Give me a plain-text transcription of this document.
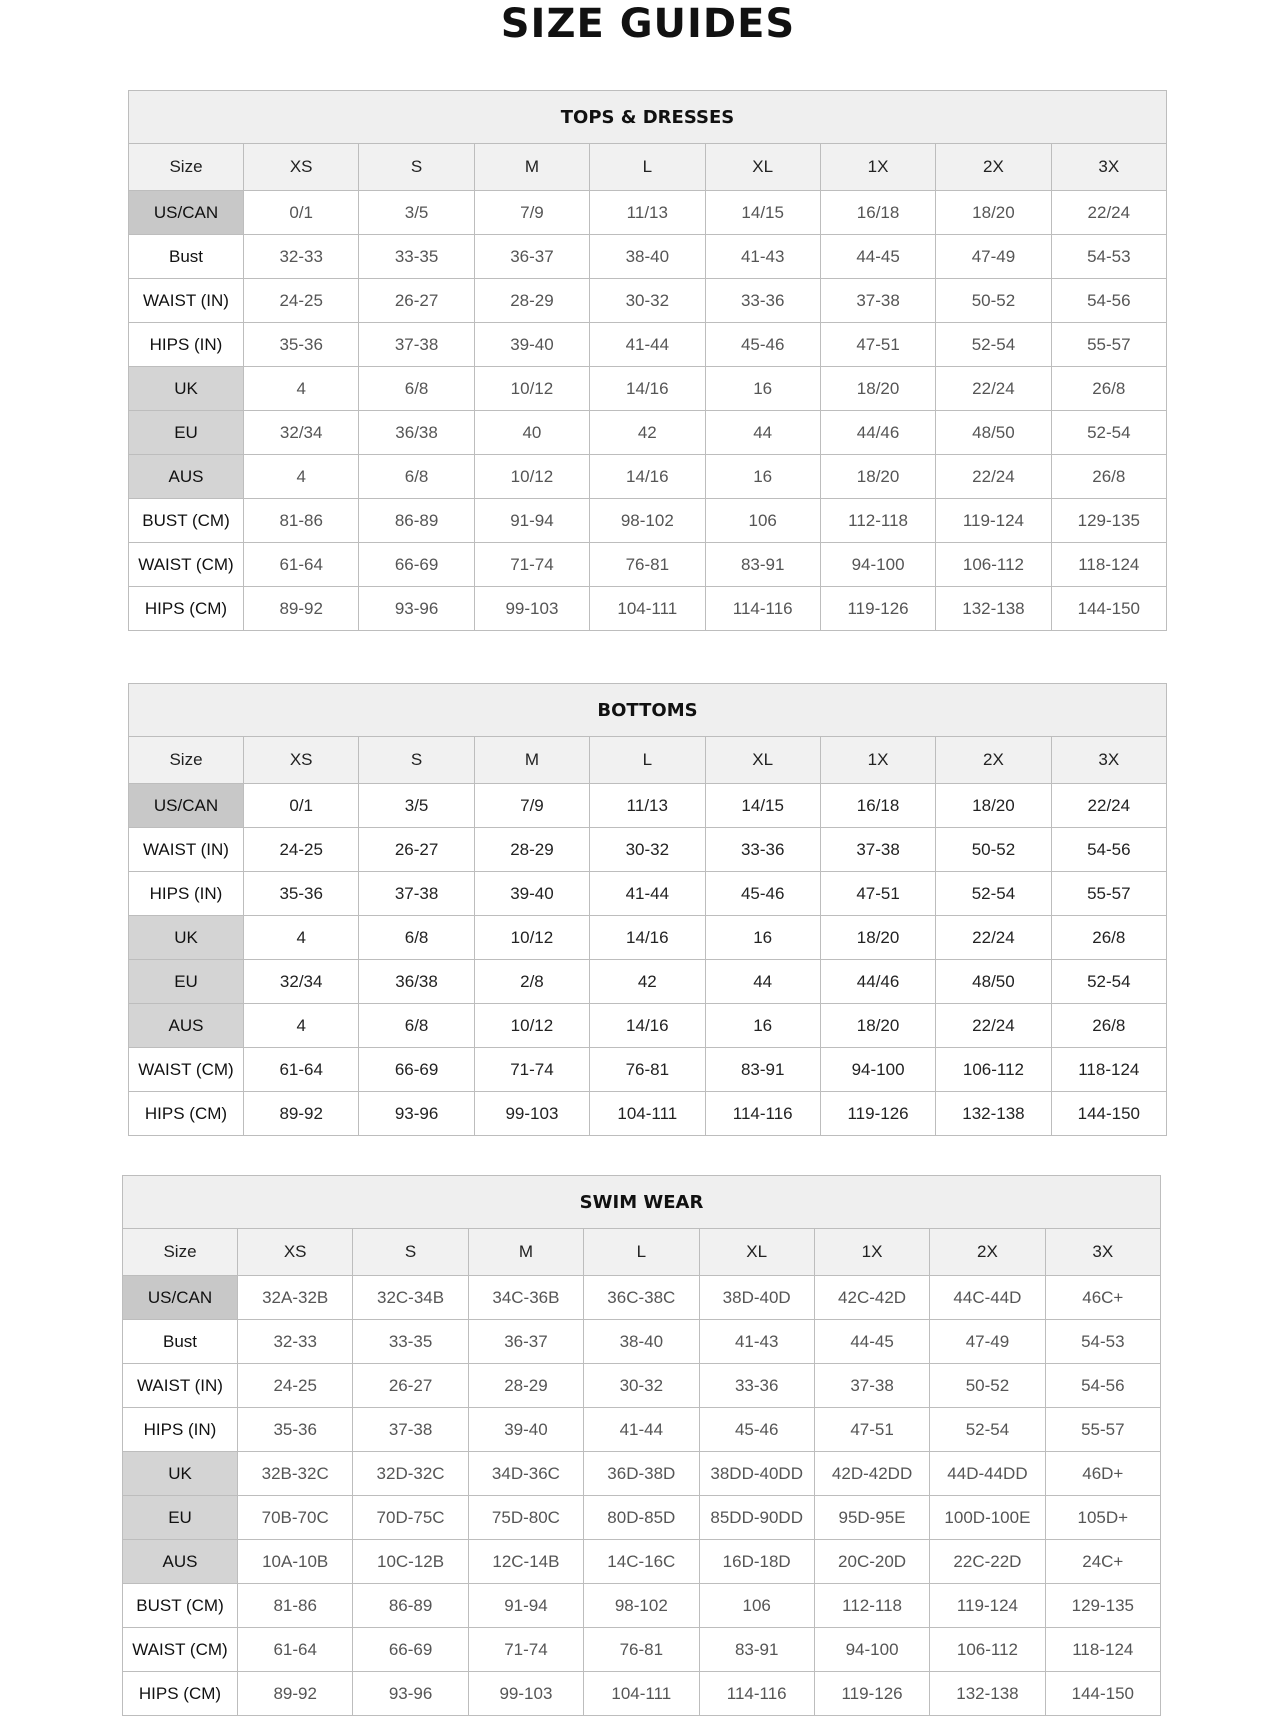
SIZE GUIDES
TOPS & DRESSES								
Size	XS	S	M	L	XL	1X	2X	3X
US/CAN	0/1	3/5	7/9	11/13	14/15	16/18	18/20	22/24
Bust	32-33	33-35	36-37	38-40	41-43	44-45	47-49	54-53
WAIST (IN)	24-25	26-27	28-29	30-32	33-36	37-38	50-52	54-56
HIPS (IN)	35-36	37-38	39-40	41-44	45-46	47-51	52-54	55-57
UK	4	6/8	10/12	14/16	16	18/20	22/24	26/8
EU	32/34	36/38	40	42	44	44/46	48/50	52-54
AUS	4	6/8	10/12	14/16	16	18/20	22/24	26/8
BUST (CM)	81-86	86-89	91-94	98-102	106	112-118	119-124	129-135
WAIST (CM)	61-64	66-69	71-74	76-81	83-91	94-100	106-112	118-124
HIPS (CM)	89-92	93-96	99-103	104-111	114-116	119-126	132-138	144-150
BOTTOMS								
Size	XS	S	M	L	XL	1X	2X	3X
US/CAN	0/1	3/5	7/9	11/13	14/15	16/18	18/20	22/24
WAIST (IN)	24-25	26-27	28-29	30-32	33-36	37-38	50-52	54-56
HIPS (IN)	35-36	37-38	39-40	41-44	45-46	47-51	52-54	55-57
UK	4	6/8	10/12	14/16	16	18/20	22/24	26/8
EU	32/34	36/38	2/8	42	44	44/46	48/50	52-54
AUS	4	6/8	10/12	14/16	16	18/20	22/24	26/8
WAIST (CM)	61-64	66-69	71-74	76-81	83-91	94-100	106-112	118-124
HIPS (CM)	89-92	93-96	99-103	104-111	114-116	119-126	132-138	144-150
SWIM WEAR								
Size	XS	S	M	L	XL	1X	2X	3X
US/CAN	32A-32B	32C-34B	34C-36B	36C-38C	38D-40D	42C-42D	44C-44D	46C+
Bust	32-33	33-35	36-37	38-40	41-43	44-45	47-49	54-53
WAIST (IN)	24-25	26-27	28-29	30-32	33-36	37-38	50-52	54-56
HIPS (IN)	35-36	37-38	39-40	41-44	45-46	47-51	52-54	55-57
UK	32B-32C	32D-32C	34D-36C	36D-38D	38DD-40DD	42D-42DD	44D-44DD	46D+
EU	70B-70C	70D-75C	75D-80C	80D-85D	85DD-90DD	95D-95E	100D-100E	105D+
AUS	10A-10B	10C-12B	12C-14B	14C-16C	16D-18D	20C-20D	22C-22D	24C+
BUST (CM)	81-86	86-89	91-94	98-102	106	112-118	119-124	129-135
WAIST (CM)	61-64	66-69	71-74	76-81	83-91	94-100	106-112	118-124
HIPS (CM)	89-92	93-96	99-103	104-111	114-116	119-126	132-138	144-150
